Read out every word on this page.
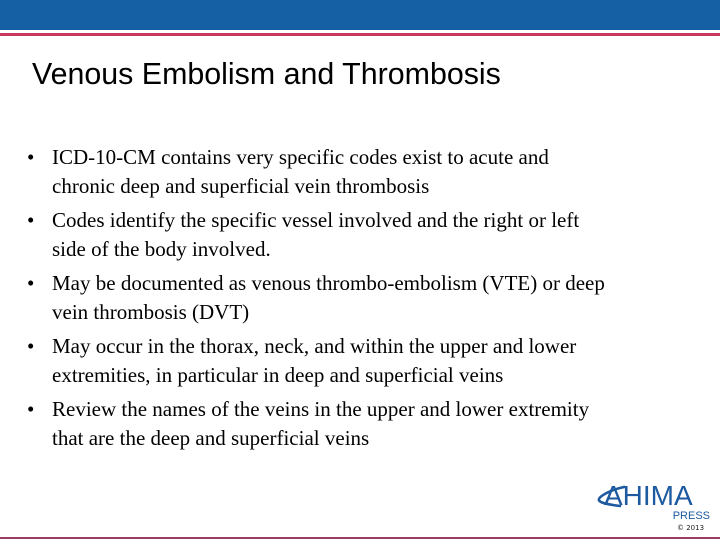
Venous Embolism and Thrombosis
• ICD-10-CM contains very specific codes exist to acute and
chronic deep and superficial vein thrombosis
• Codes identify the specific vessel involved and the right or left
side of the body involved.
• May be documented as venous thrombo-embolism (VTE) or deep
vein thrombosis (DVT)
• May occur in the thorax, neck, and within the upper and lower
extremities, in particular in deep and superficial veins
• Review the names of the veins in the upper and lower extremity
that are the deep and superficial veins
AHIMA
PRESS
© 2013
